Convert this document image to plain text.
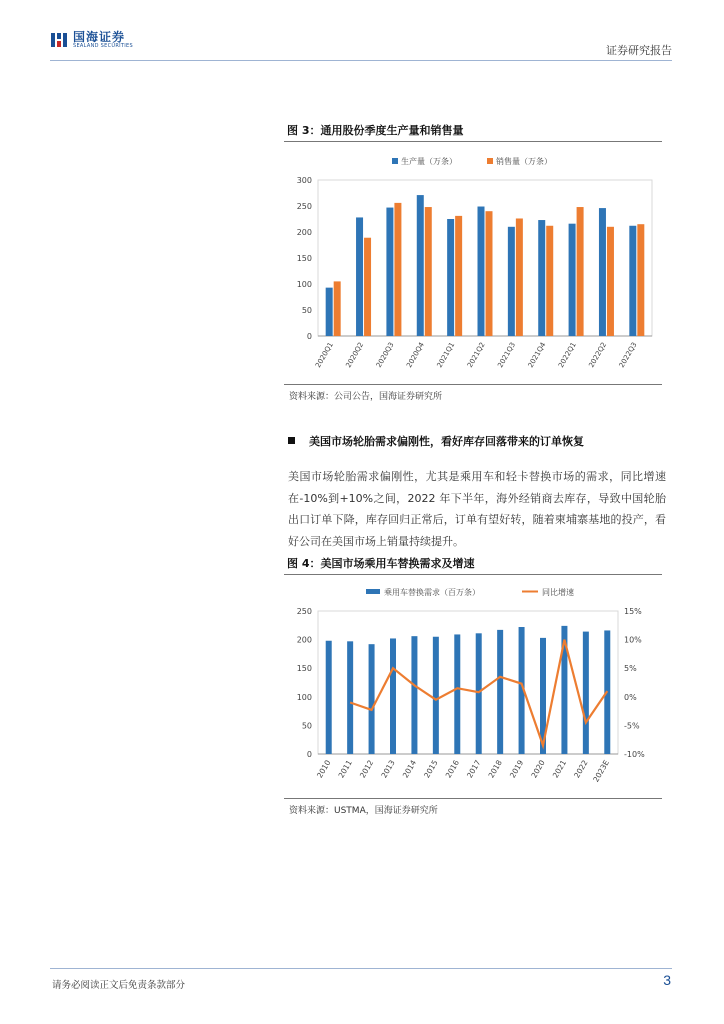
国海证券
SEALAND SECURITIES	证券研究报告
图 3：通用股份季度生产量和销售量
0
50
100
150
200
250
300
2020Q1 2020Q2 2020Q3 2020Q4 2021Q1 2021Q2 2021Q3 2021Q4 2022Q1 2022Q2 2022Q3
生产量（万条）	销售量（万条）
资料来源：公司公告，国海证券研究所
美国市场轮胎需求偏刚性，看好库存回落带来的订单恢复
美国市场轮胎需求偏刚性，尤其是乘用车和轻卡替换市场的需求，同比增速在-10%到+10%之间，2022 年下半年，海外经销商去库存，导致中国轮胎出口订单下降，库存回归正常后，订单有望好转，随着柬埔寨基地的投产，看好公司在美国市场上销量持续提升。
图 4：美国市场乘用车替换需求及增速
0
50
100
150
200
250	15%
10%
5%
0%
-5%
-10%
2010 2011 2012 2013 2014 2015 2016 2017 2018 2019 2020 2021 2022 2023E
乘用车替换需求（百万条）	同比增速
资料来源：USTMA，国海证券研究所
请务必阅读正文后免责条款部分	3
